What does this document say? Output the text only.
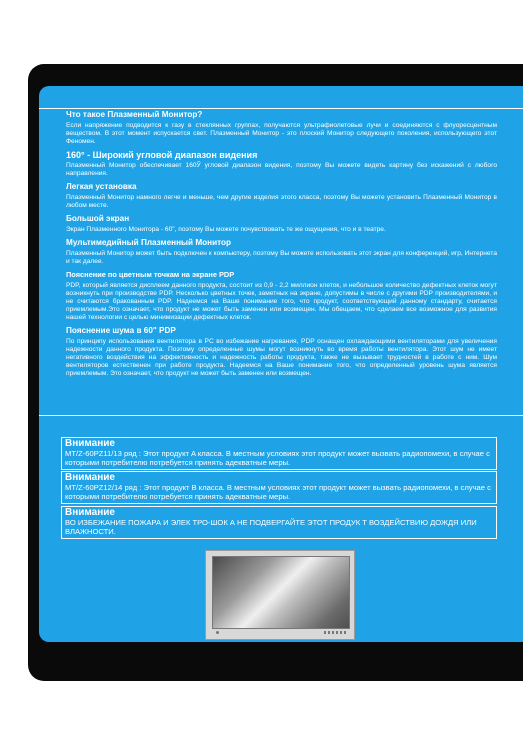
Что такое Плазменный Монитор?

Если напряжение подводится к газу в стеклянных группах, получаются ультрафиолетовые лучи и соединяются с флуоресцентным веществом. В этот момент испускается свет. Плазменный Монитор - это плоский Монитор следующего поколения, использующего этот Феномен.

160° - Широкий угловой диапазон видения

Плазменный Монитор обеспечивает 160Ў угловой диапазон видения, поэтому Вы можете видеть картину без искажений с любого направления.

Легкая установка

Плазменный Монитор намного легче и меньше, чем другие изделия этого класса, поэтому Вы можете установить Плазменный Монитор в любом месте.

Большой экран

Экран Плазменного Монитора - 60", поэтому Вы можете почувствовать те же ощущения, что и в театре.

Мультимедийный Плазменный Монитор

Плазменный Монитор может быть подключен к компьютеру, поэтому Вы можете использовать этот экран для конференций, игр, Интернета и так далее.

Пояснение по цветным точкам на экране PDP

PDP, который является дисплеем данного продукта, состоит из 0,9 - 2,2 миллион клеток, и небольшое количество дефектных клеток могут возникнуть при производстве PDP. Несколько цветных точек, заметных на экране, допустимы в числе с другими PDP производителями, и не считаются бракованным PDP. Надеемся на Ваше понимание того, что продукт, соответствующий данному стандарту, считается приемлемым.Это означает, что продукт не может быть заменен или возмещен. Мы обещаем, что сделаем все возможное для развития нашей технологии с целью минимизации дефектных клеток.

Пояснение шума в 60" PDP

По принципу использования вентилятора в PC во избежание нагревания, PDP оснащен охлаждающими вентиляторами для увеличения надежности данного продукта. Поэтому определенные шумы могут возникнуть во время работы вентилятора. Этот шум не имеет негативного воздействия на эффективность и надежность работы продукта, также не вызывает трудностей в работе с ним. Шум вентиляторов естественен при работе продукта. Надеемся на Ваше понимание того, что определенный уровень шума является приемлемым. Это означает, что продукт не может быть заменен или возмещен.

Внимание
MT/Z-60PZ11/13 ряд : Этот продукт A класса. В местным условиях этот продукт может вызвать радиопомехи, в случае с которыми потребителю потребуется принять адекватные меры.
Внимание
MT/Z-60PZ12/14 ряд : Этот продукт B класса. В местным условиях этот продукт может вызвать радиопомехи, в случае с которыми потребителю потребуется принять адекватные меры.
Внимание
ВО ИЗБЕЖАНИЕ ПОЖАРА И ЭЛЕК ТРО-ШОК А НЕ ПОДВЕРГАЙТЕ ЭТОТ ПРОДУК Т ВОЗДЕЙСТВИЮ ДОЖДЯ ИЛИ ВЛАЖНОСТИ.
